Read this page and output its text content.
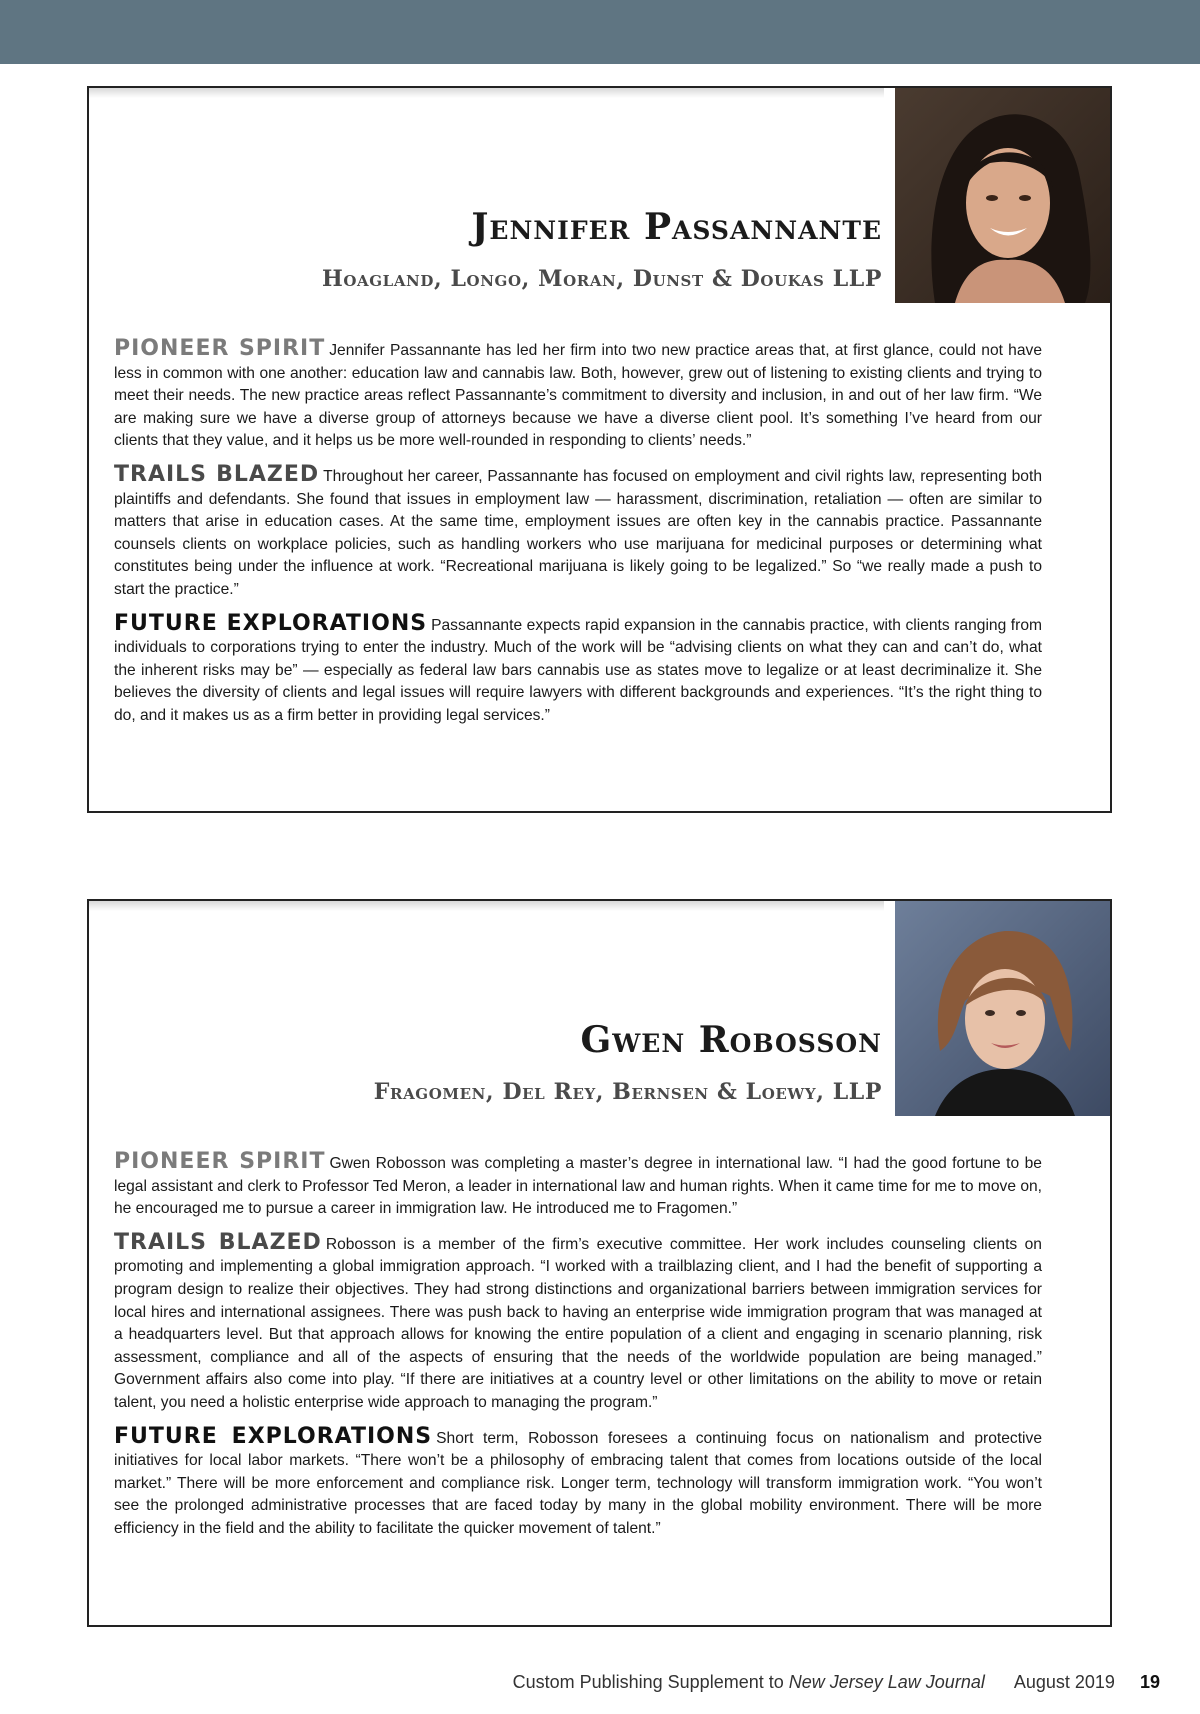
Jennifer Passannante
Hoagland, Longo, Moran, Dunst & Doukas LLP

PIONEER SPIRIT Jennifer Passannante has led her firm into two new practice areas that, at first glance, could not have less in common with one another: education law and cannabis law. Both, however, grew out of listening to existing clients and trying to meet their needs. The new practice areas reflect Passannante’s commitment to diversity and inclusion, in and out of her law firm. “We are making sure we have a diverse group of attorneys because we have a diverse client pool. It’s something I’ve heard from our clients that they value, and it helps us be more well-rounded in responding to clients’ needs.”

TRAILS BLAZED Throughout her career, Passannante has focused on employment and civil rights law, representing both plaintiffs and defendants. She found that issues in employment law — harassment, discrimination, retaliation — often are similar to matters that arise in education cases. At the same time, employment issues are often key in the cannabis practice. Passannante counsels clients on workplace policies, such as handling workers who use marijuana for medicinal purposes or determining what constitutes being under the influence at work. “Recreational marijuana is likely going to be legalized.” So “we really made a push to start the practice.”

FUTURE EXPLORATIONS Passannante expects rapid expansion in the cannabis practice, with clients ranging from individuals to corporations trying to enter the industry. Much of the work will be “advising clients on what they can and can’t do, what the inherent risks may be” — especially as federal law bars cannabis use as states move to legalize or at least decriminalize it. She believes the diversity of clients and legal issues will require lawyers with different backgrounds and experiences. “It’s the right thing to do, and it makes us as a firm better in providing legal services.”

Gwen Robosson
Fragomen, Del Rey, Bernsen & Loewy, LLP

PIONEER SPIRIT Gwen Robosson was completing a master’s degree in international law. “I had the good fortune to be legal assistant and clerk to Professor Ted Meron, a leader in international law and human rights. When it came time for me to move on, he encouraged me to pursue a career in immigration law. He introduced me to Fragomen.”

TRAILS BLAZED Robosson is a member of the firm’s executive committee. Her work includes counseling clients on promoting and implementing a global immigration approach. “I worked with a trailblazing client, and I had the benefit of supporting a program design to realize their objectives. They had strong distinctions and organizational barriers between immigration services for local hires and international assignees. There was push back to having an enterprise wide immigration program that was managed at a headquarters level. But that approach allows for knowing the entire population of a client and engaging in scenario planning, risk assessment, compliance and all of the aspects of ensuring that the needs of the worldwide population are being managed.” Government affairs also come into play. “If there are initiatives at a country level or other limitations on the ability to move or retain talent, you need a holistic enterprise wide approach to managing the program.”

FUTURE EXPLORATIONS Short term, Robosson foresees a continuing focus on nationalism and protective initiatives for local labor markets. “There won’t be a philosophy of embracing talent that comes from locations outside of the local market.” There will be more enforcement and compliance risk. Longer term, technology will transform immigration work. “You won’t see the prolonged administrative processes that are faced today by many in the global mobility environment. There will be more efficiency in the field and the ability to facilitate the quicker movement of talent.”

Custom Publishing Supplement to New Jersey Law Journal August 2019 19
